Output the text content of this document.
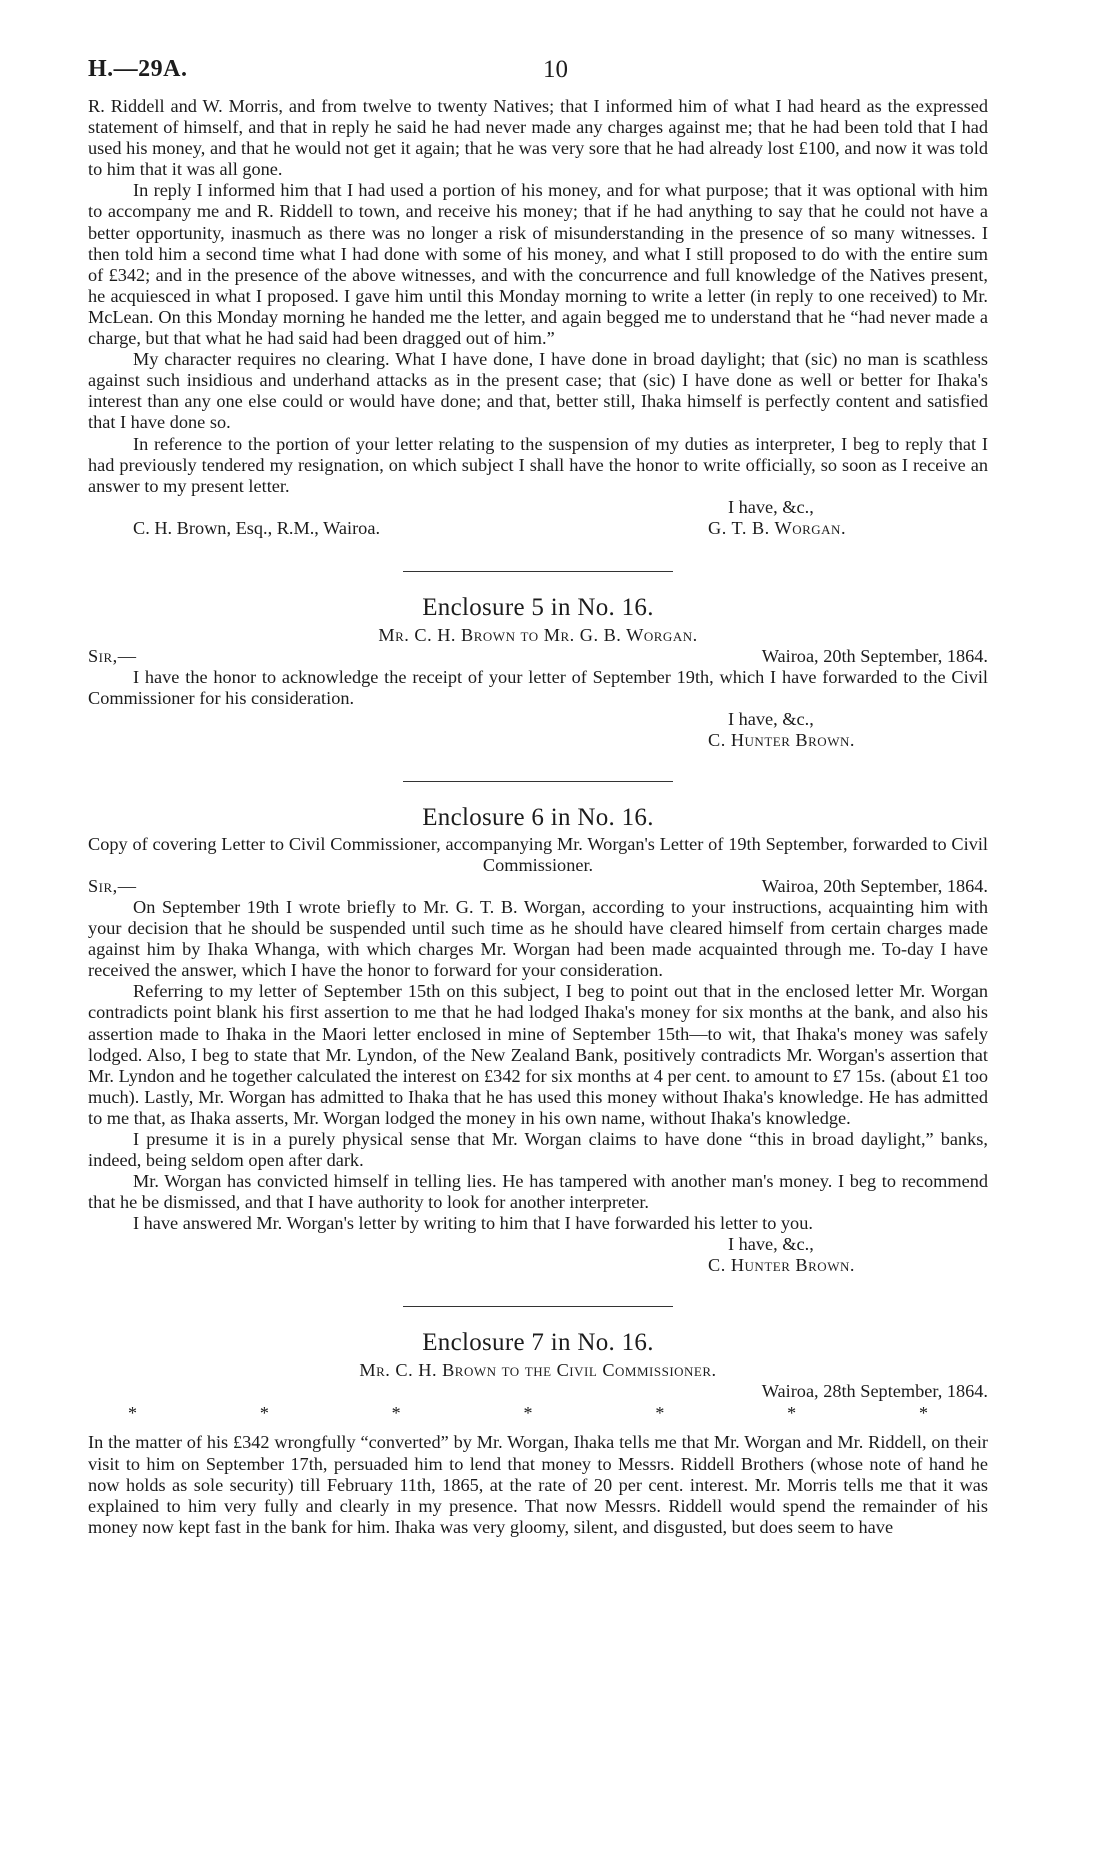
H.—29A.	10

R. Riddell and W. Morris, and from twelve to twenty Natives; that I informed him of what I had heard as the expressed statement of himself, and that in reply he said he had never made any charges against me; that he had been told that I had used his money, and that he would not get it again; that he was very sore that he had already lost £100, and now it was told to him that it was all gone.

In reply I informed him that I had used a portion of his money, and for what purpose; that it was optional with him to accompany me and R. Riddell to town, and receive his money; that if he had anything to say that he could not have a better opportunity, inasmuch as there was no longer a risk of misunderstanding in the presence of so many witnesses. I then told him a second time what I had done with some of his money, and what I still proposed to do with the entire sum of £342; and in the presence of the above witnesses, and with the concurrence and full knowledge of the Natives present, he acquiesced in what I proposed. I gave him until this Monday morning to write a letter (in reply to one received) to Mr. McLean. On this Monday morning he handed me the letter, and again begged me to understand that he “had never made a charge, but that what he had said had been dragged out of him.”

My character requires no clearing. What I have done, I have done in broad daylight; that (sic) no man is scathless against such insidious and underhand attacks as in the present case; that (sic) I have done as well or better for Ihaka's interest than any one else could or would have done; and that, better still, Ihaka himself is perfectly content and satisfied that I have done so.

In reference to the portion of your letter relating to the suspension of my duties as interpreter, I beg to reply that I had previously tendered my resignation, on which subject I shall have the honor to write officially, so soon as I receive an answer to my present letter.

I have, &c.,
C. H. Brown, Esq., R.M., Wairoa.	G. T. B. Worgan.
Enclosure 5 in No. 16.
Mr. C. H. Brown to Mr. G. B. Worgan.
Sir,—	Wairoa, 20th September, 1864.

I have the honor to acknowledge the receipt of your letter of September 19th, which I have forwarded to the Civil Commissioner for his consideration.

I have, &c.,
C. Hunter Brown.
Enclosure 6 in No. 16.
Copy of covering Letter to Civil Commissioner, accompanying Mr. Worgan's Letter of 19th September, forwarded to Civil Commissioner.
Sir,—	Wairoa, 20th September, 1864.

On September 19th I wrote briefly to Mr. G. T. B. Worgan, according to your instructions, acquainting him with your decision that he should be suspended until such time as he should have cleared himself from certain charges made against him by Ihaka Whanga, with which charges Mr. Worgan had been made acquainted through me. To-day I have received the answer, which I have the honor to forward for your consideration.

Referring to my letter of September 15th on this subject, I beg to point out that in the enclosed letter Mr. Worgan contradicts point blank his first assertion to me that he had lodged Ihaka's money for six months at the bank, and also his assertion made to Ihaka in the Maori letter enclosed in mine of September 15th—to wit, that Ihaka's money was safely lodged. Also, I beg to state that Mr. Lyndon, of the New Zealand Bank, positively contradicts Mr. Worgan's assertion that Mr. Lyndon and he together calculated the interest on £342 for six months at 4 per cent. to amount to £7 15s. (about £1 too much). Lastly, Mr. Worgan has admitted to Ihaka that he has used this money without Ihaka's knowledge. He has admitted to me that, as Ihaka asserts, Mr. Worgan lodged the money in his own name, without Ihaka's knowledge.

I presume it is in a purely physical sense that Mr. Worgan claims to have done “this in broad daylight,” banks, indeed, being seldom open after dark.

Mr. Worgan has convicted himself in telling lies. He has tampered with another man's money. I beg to recommend that he be dismissed, and that I have authority to look for another interpreter.

I have answered Mr. Worgan's letter by writing to him that I have forwarded his letter to you.

I have, &c.,
C. Hunter Brown.
Enclosure 7 in No. 16.
Mr. C. H. Brown to the Civil Commissioner.
Wairoa, 28th September, 1864.
*	*	*	*	*	*	*

In the matter of his £342 wrongfully “converted” by Mr. Worgan, Ihaka tells me that Mr. Worgan and Mr. Riddell, on their visit to him on September 17th, persuaded him to lend that money to Messrs. Riddell Brothers (whose note of hand he now holds as sole security) till February 11th, 1865, at the rate of 20 per cent. interest. Mr. Morris tells me that it was explained to him very fully and clearly in my presence. That now Messrs. Riddell would spend the remainder of his money now kept fast in the bank for him. Ihaka was very gloomy, silent, and disgusted, but does seem to have
